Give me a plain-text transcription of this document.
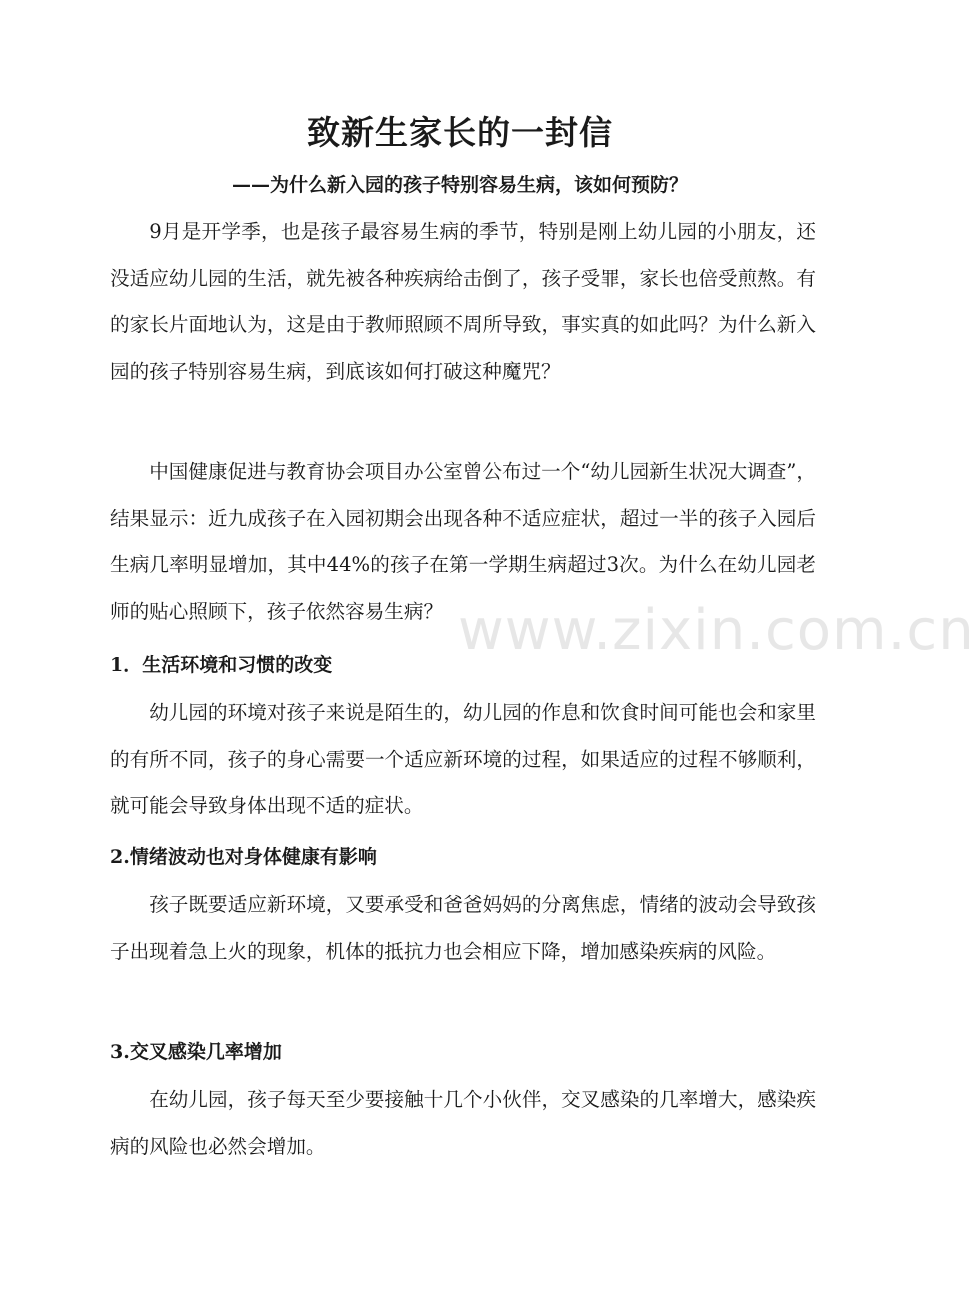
致新生家长的一封信
——为什么新入园的孩子特别容易生病，该如何预防？

9月是开学季，也是孩子最容易生病的季节，特别是刚上幼儿园的小朋友，还没适应幼儿园的生活，就先被各种疾病给击倒了，孩子受罪，家长也倍受煎熬。有的家长片面地认为，这是由于教师照顾不周所导致，事实真的如此吗？为什么新入园的孩子特别容易生病，到底该如何打破这种魔咒？

中国健康促进与教育协会项目办公室曾公布过一个“幼儿园新生状况大调查”，结果显示：近九成孩子在入园初期会出现各种不适应症状，超过一半的孩子入园后生病几率明显增加，其中44%的孩子在第一学期生病超过3次。为什么在幼儿园老师的贴心照顾下，孩子依然容易生病？

1．生活环境和习惯的改变

幼儿园的环境对孩子来说是陌生的，幼儿园的作息和饮食时间可能也会和家里的有所不同，孩子的身心需要一个适应新环境的过程，如果适应的过程不够顺利，就可能会导致身体出现不适的症状。

2.情绪波动也对身体健康有影响

孩子既要适应新环境，又要承受和爸爸妈妈的分离焦虑，情绪的波动会导致孩子出现着急上火的现象，机体的抵抗力也会相应下降，增加感染疾病的风险。

3.交叉感染几率增加

在幼儿园，孩子每天至少要接触十几个小伙伴，交叉感染的几率增大，感染疾病的风险也必然会增加。

www.zixin.com.cn
